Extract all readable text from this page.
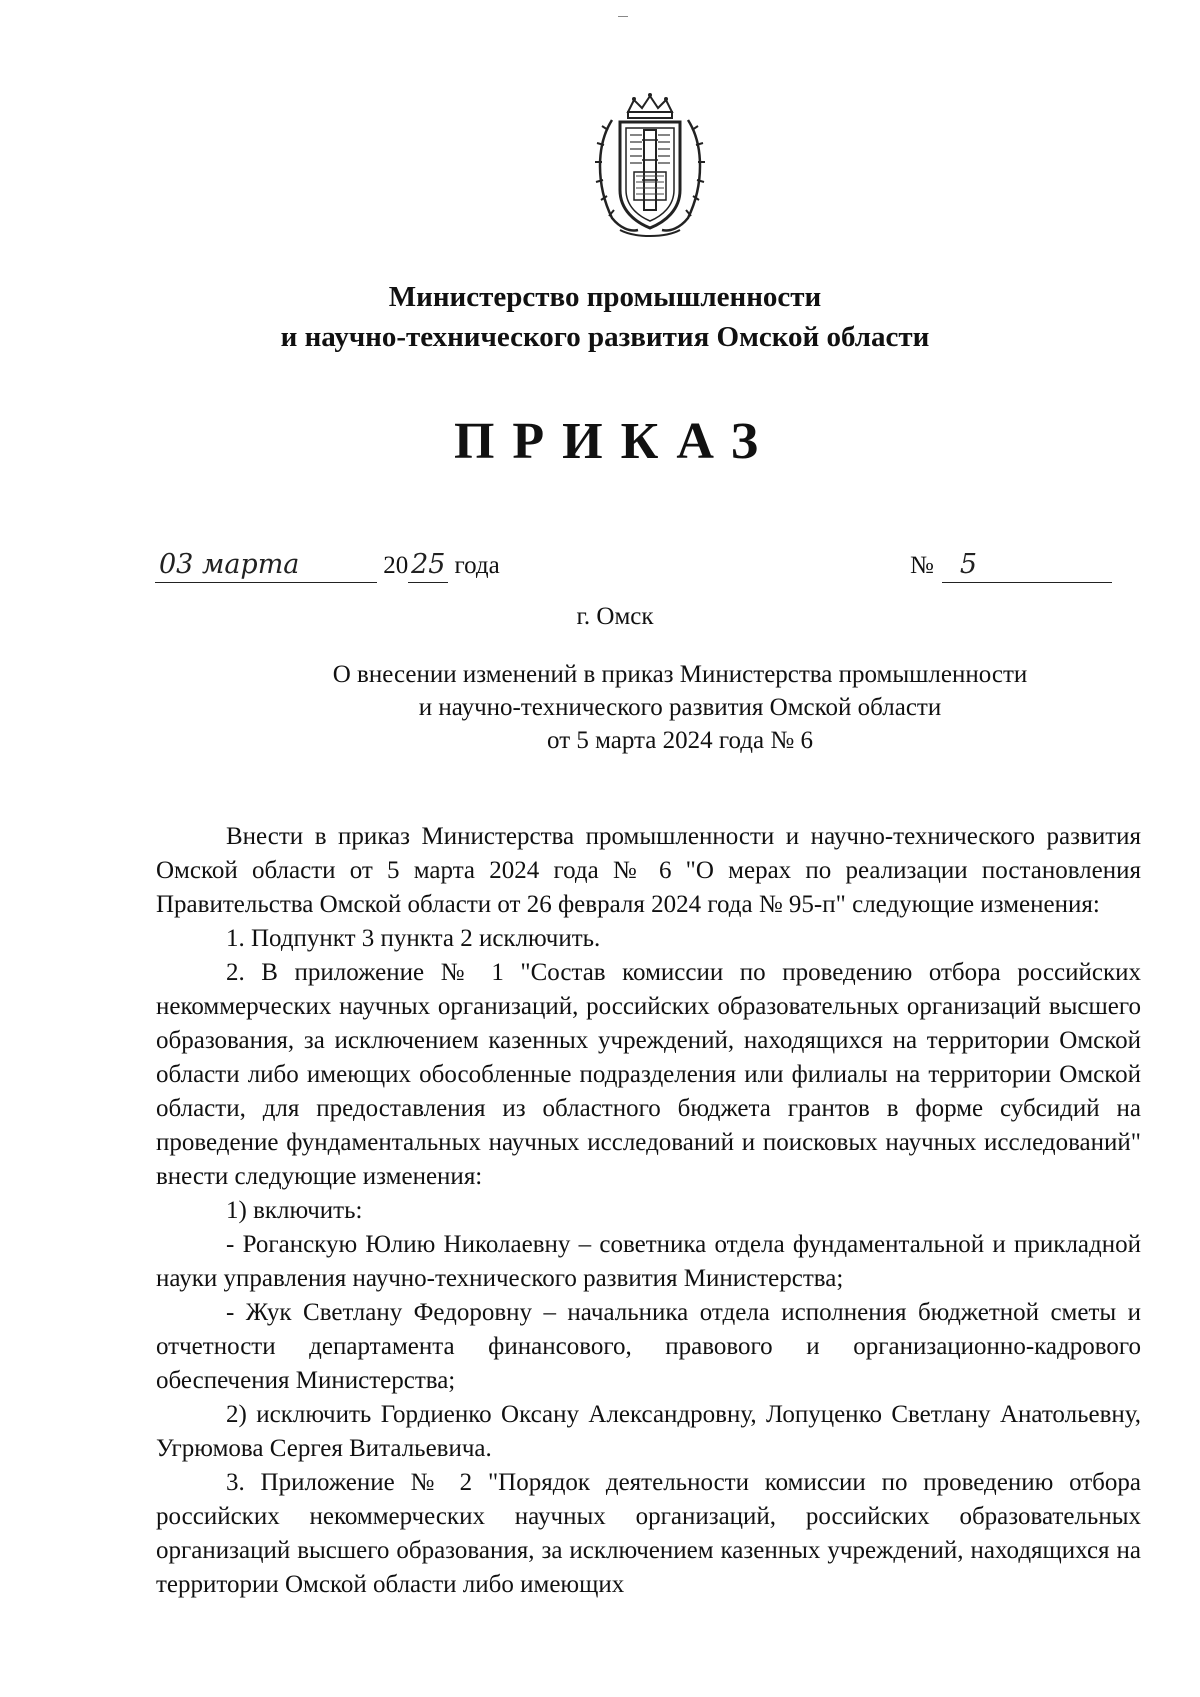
Министерство промышленности
и научно-технического развития Омской области
ПРИКАЗ
03 марта	20 25 года	№ 5
г. Омск
О внесении изменений в приказ Министерства промышленности
и научно-технического развития Омской области
от 5 марта 2024 года № 6

Внести в приказ Министерства промышленности и научно-технического развития Омской области от 5 марта 2024 года № 6 "О мерах по реализации постановления Правительства Омской области от 26 февраля 2024 года № 95-п" следующие изменения:

1. Подпункт 3 пункта 2 исключить.

2. В приложение № 1 "Состав комиссии по проведению отбора российских некоммерческих научных организаций, российских образовательных организаций высшего образования, за исключением казенных учреждений, находящихся на территории Омской области либо имеющих обособленные подразделения или филиалы на территории Омской области, для предоставления из областного бюджета грантов в форме субсидий на проведение фундаментальных научных исследований и поисковых научных исследований" внести следующие изменения:

1) включить:

- Роганскую Юлию Николаевну – советника отдела фундаментальной и прикладной науки управления научно-технического развития Министерства;

- Жук Светлану Федоровну – начальника отдела исполнения бюджетной сметы и отчетности департамента финансового, правового и организационно-кадрового обеспечения Министерства;

2) исключить Гордиенко Оксану Александровну, Лопуценко Светлану Анатольевну, Угрюмова Сергея Витальевича.

3. Приложение № 2 "Порядок деятельности комиссии по проведению отбора российских некоммерческих научных организаций, российских образовательных организаций высшего образования, за исключением казенных учреждений, находящихся на территории Омской области либо имеющих
